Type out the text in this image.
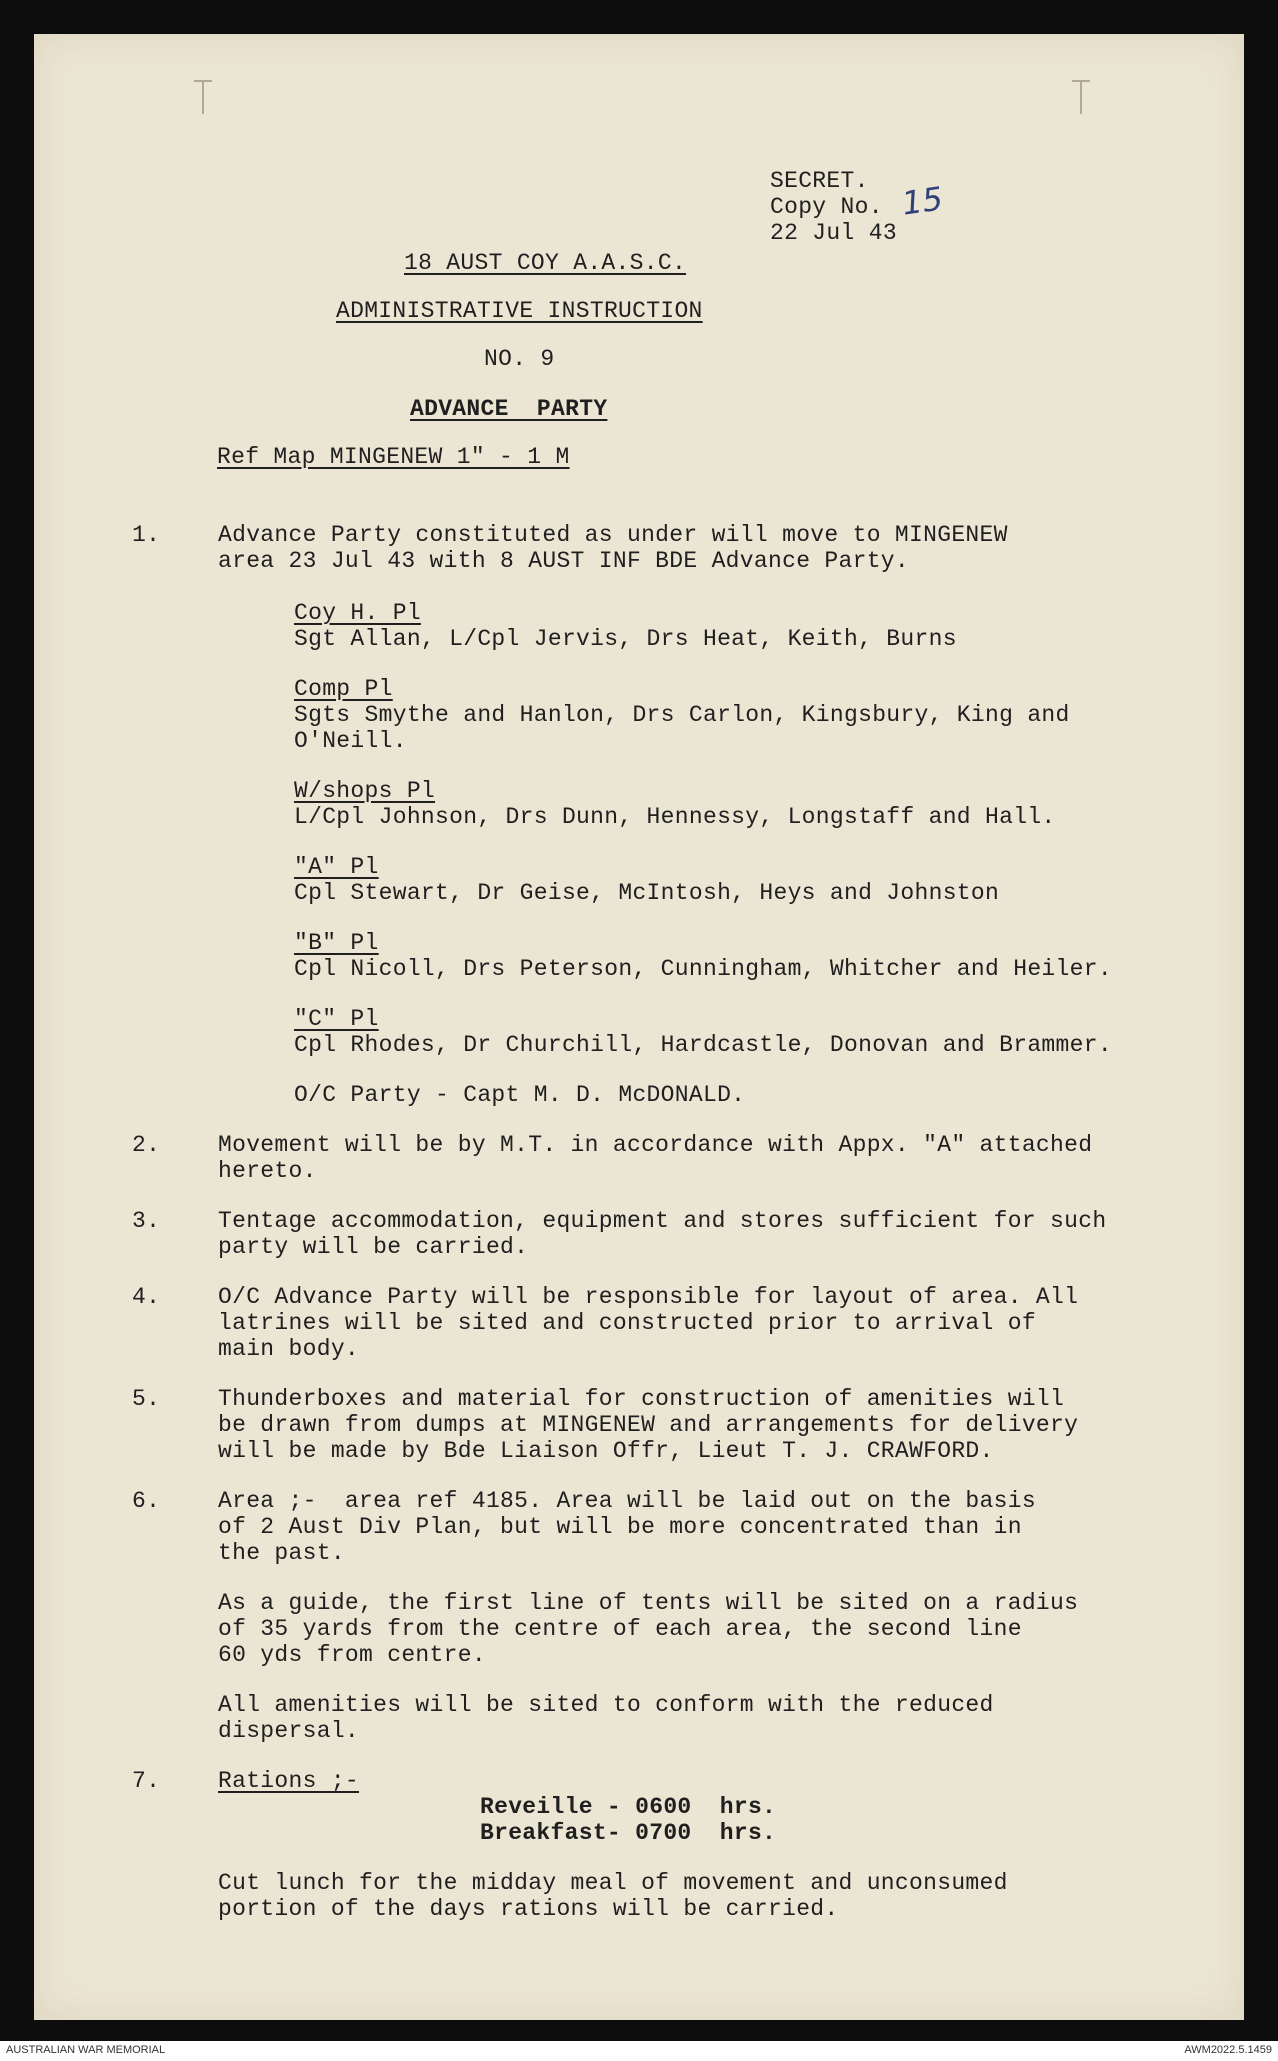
SECRET.
Copy No. 15
22 Jul 43
18 AUST COY A.A.S.C.
ADMINISTRATIVE INSTRUCTION
NO. 9
ADVANCE  PARTY
Ref Map MINGENEW 1" - 1 M
1.	Advance Party constituted as under will move to MINGENEW
area 23 Jul 43 with 8 AUST INF BDE Advance Party.
Coy H. Pl
Sgt Allan, L/Cpl Jervis, Drs Heat, Keith, Burns
Comp Pl
Sgts Smythe and Hanlon, Drs Carlon, Kingsbury, King and
O'Neill.
W/shops Pl
L/Cpl Johnson, Drs Dunn, Hennessy, Longstaff and Hall.
"A" Pl
Cpl Stewart, Dr Geise, McIntosh, Heys and Johnston
"B" Pl
Cpl Nicoll, Drs Peterson, Cunningham, Whitcher and Heiler.
"C" Pl
Cpl Rhodes, Dr Churchill, Hardcastle, Donovan and Brammer.
O/C Party - Capt M. D. McDONALD.
2.	Movement will be by M.T. in accordance with Appx. "A" attached
hereto.
3.	Tentage accommodation, equipment and stores sufficient for such
party will be carried.
4.	O/C Advance Party will be responsible for layout of area. All
latrines will be sited and constructed prior to arrival of
main body.
5.	Thunderboxes and material for construction of amenities will
be drawn from dumps at MINGENEW and arrangements for delivery
will be made by Bde Liaison Offr, Lieut T. J. CRAWFORD.
6.	Area ;-  area ref 4185. Area will be laid out on the basis
of 2 Aust Div Plan, but will be more concentrated than in
the past.
As a guide, the first line of tents will be sited on a radius
of 35 yards from the centre of each area, the second line
60 yds from centre.
All amenities will be sited to conform with the reduced
dispersal.
7.	Rations ;-
Reveille - 0600  hrs.
Breakfast- 0700  hrs.
Cut lunch for the midday meal of movement and unconsumed
portion of the days rations will be carried.
AUSTRALIAN WAR MEMORIAL	AWM2022.5.1459
